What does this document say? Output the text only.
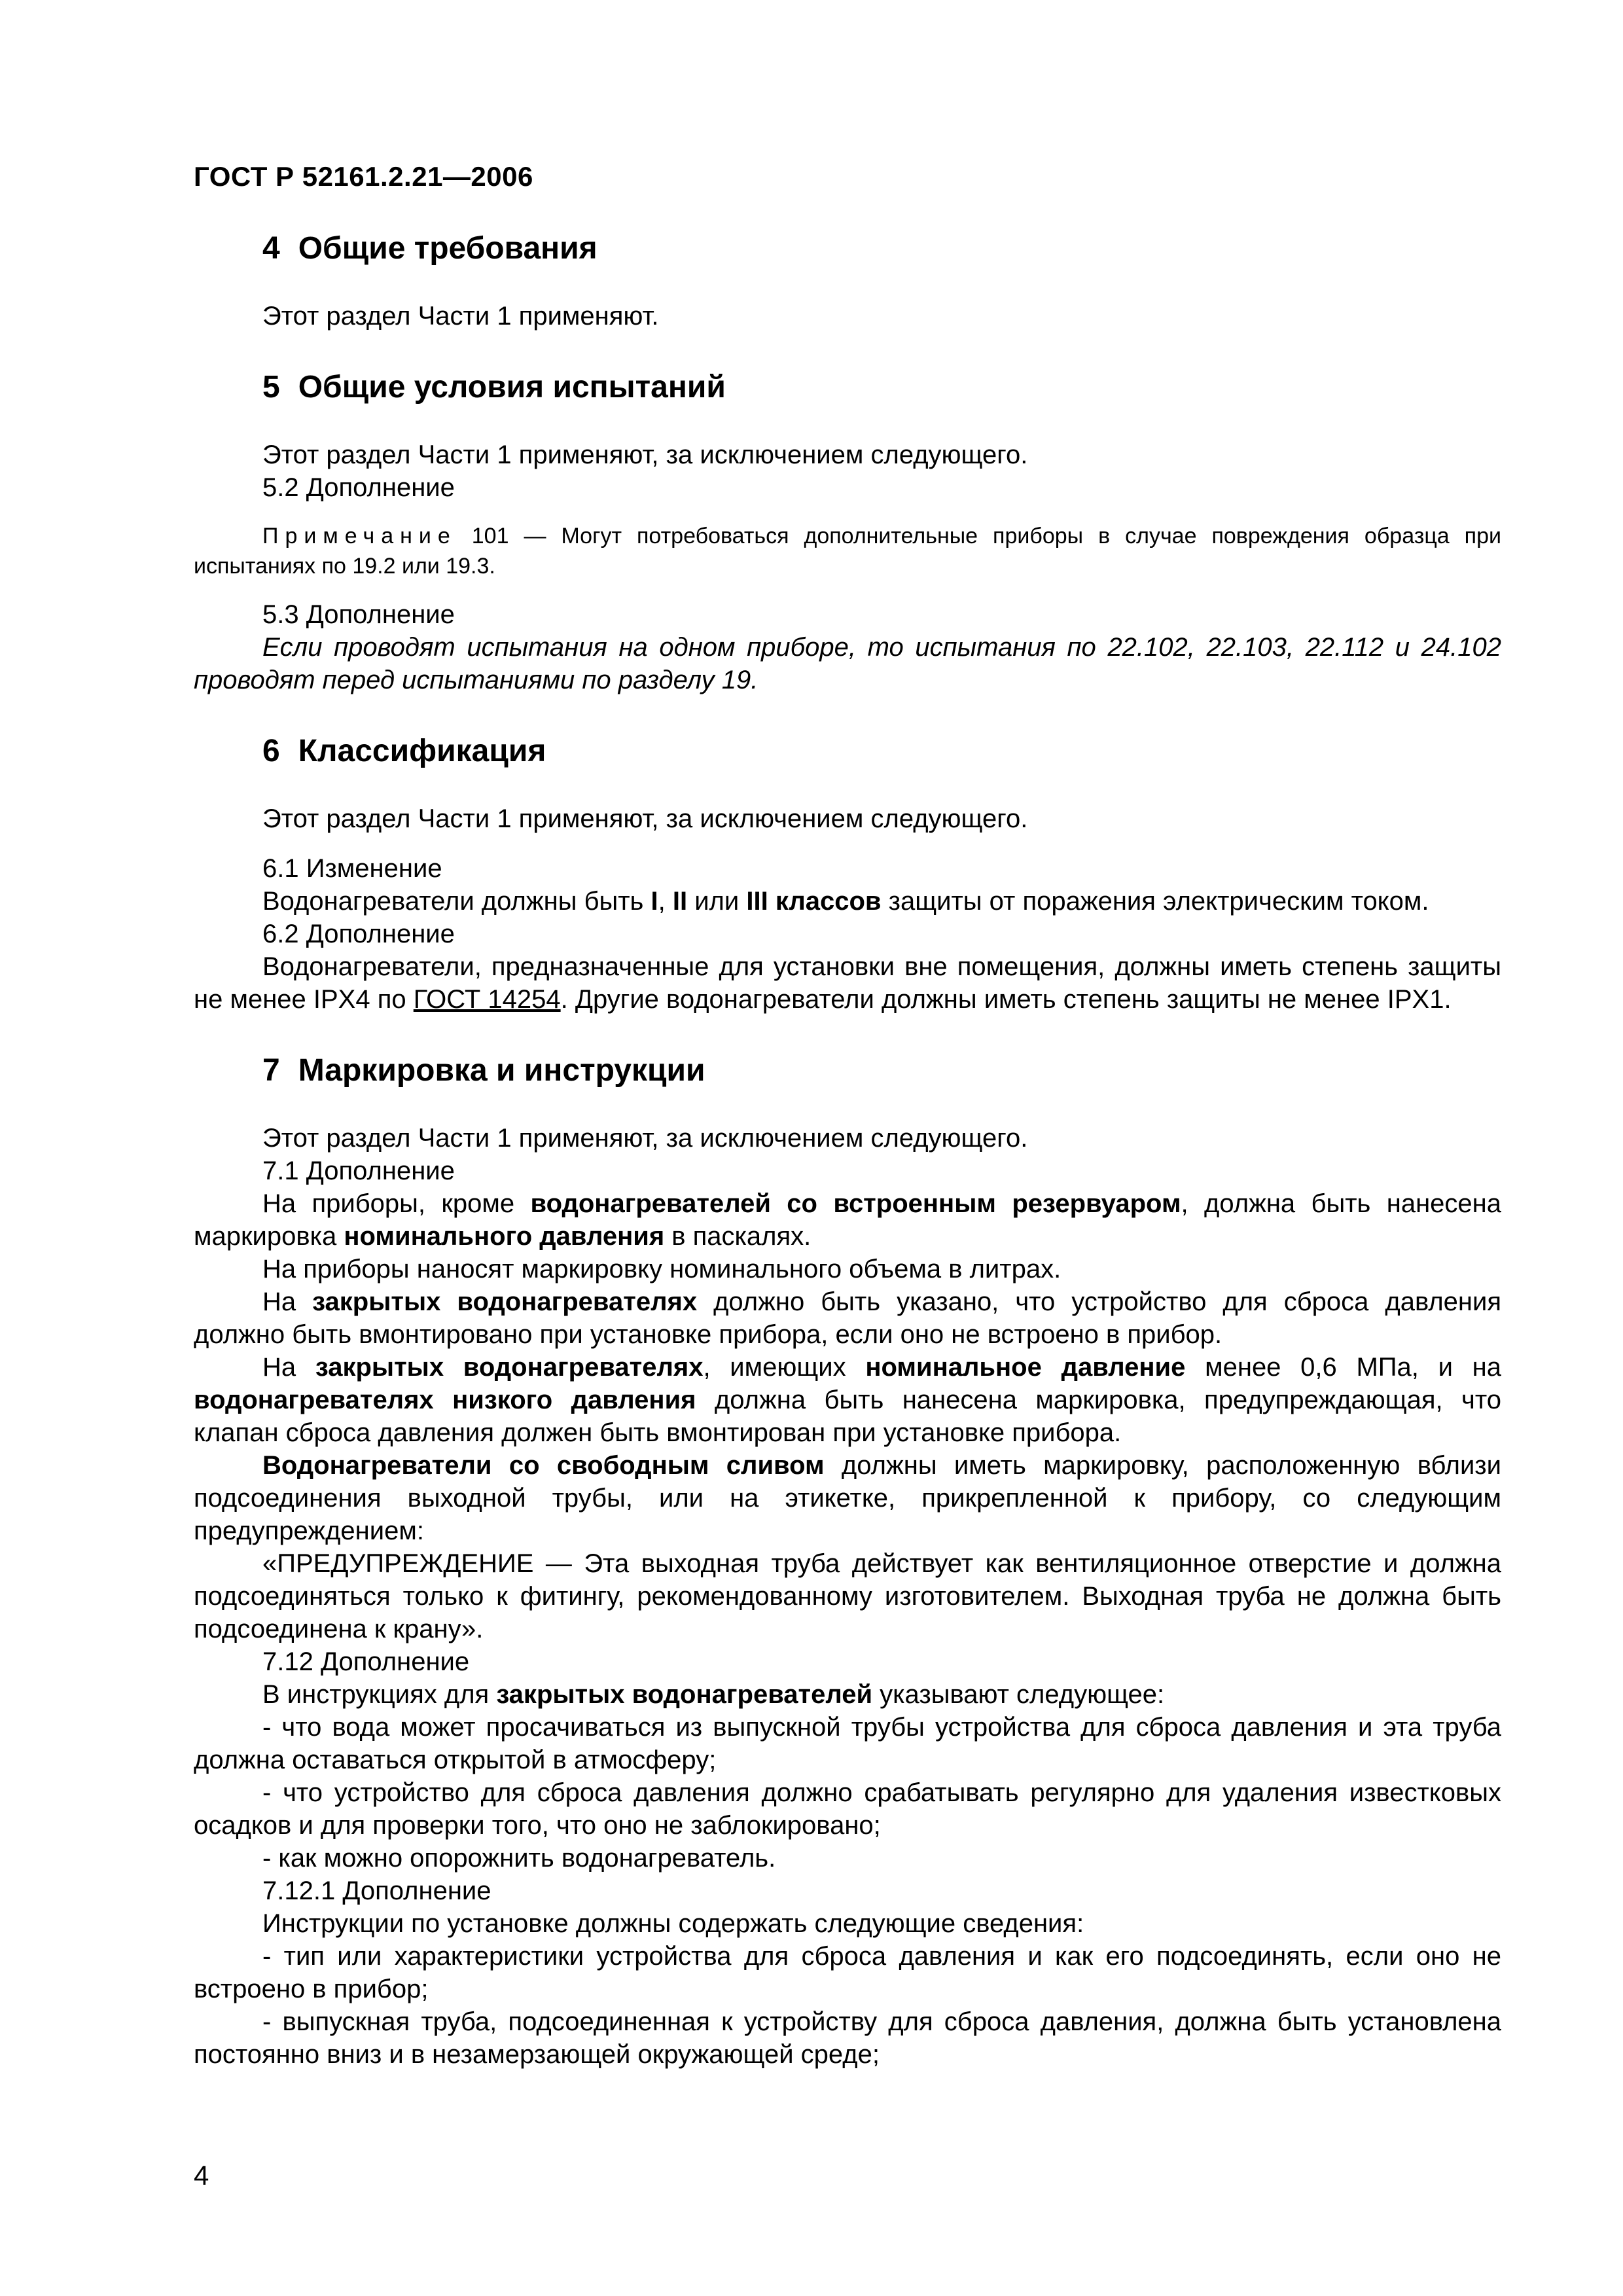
ГОСТ Р 52161.2.21—2006
4 Общие требования

Этот раздел Части 1 применяют.

5 Общие условия испытаний

Этот раздел Части 1 применяют, за исключением следующего.

5.2 Дополнение

Примечание 101 — Могут потребоваться дополнительные приборы в случае повреждения образца при испытаниях по 19.2 или 19.3.

5.3 Дополнение

Если проводят испытания на одном приборе, то испытания по 22.102, 22.103, 22.112 и 24.102 проводят перед испытаниями по разделу 19.

6 Классификация

Этот раздел Части 1 применяют, за исключением следующего.

6.1 Изменение

Водонагреватели должны быть I, II или III классов защиты от поражения электрическим током.

6.2 Дополнение

Водонагреватели, предназначенные для установки вне помещения, должны иметь степень защиты не менее IPX4 по ГОСТ 14254. Другие водонагреватели должны иметь степень защиты не менее IPX1.

7 Маркировка и инструкции

Этот раздел Части 1 применяют, за исключением следующего.

7.1 Дополнение

На приборы, кроме водонагревателей со встроенным резервуаром, должна быть нанесена маркировка номинального давления в паскалях.

На приборы наносят маркировку номинального объема в литрах.

На закрытых водонагревателях должно быть указано, что устройство для сброса давления должно быть вмонтировано при установке прибора, если оно не встроено в прибор.

На закрытых водонагревателях, имеющих номинальное давление менее 0,6 МПа, и на водонагревателях низкого давления должна быть нанесена маркировка, предупреждающая, что клапан сброса давления должен быть вмонтирован при установке прибора.

Водонагреватели со свободным сливом должны иметь маркировку, расположенную вблизи подсоединения выходной трубы, или на этикетке, прикрепленной к прибору, со следующим предупреждением:

«ПРЕДУПРЕЖДЕНИЕ — Эта выходная труба действует как вентиляционное отверстие и должна подсоединяться только к фитингу, рекомендованному изготовителем. Выходная труба не должна быть подсоединена к крану».

7.12 Дополнение

В инструкциях для закрытых водонагревателей указывают следующее:

- что вода может просачиваться из выпускной трубы устройства для сброса давления и эта труба должна оставаться открытой в атмосферу;

- что устройство для сброса давления должно срабатывать регулярно для удаления известковых осадков и для проверки того, что оно не заблокировано;

- как можно опорожнить водонагреватель.

7.12.1 Дополнение

Инструкции по установке должны содержать следующие сведения:

- тип или характеристики устройства для сброса давления и как его подсоединять, если оно не встроено в прибор;

- выпускная труба, подсоединенная к устройству для сброса давления, должна быть установлена постоянно вниз и в незамерзающей окружающей среде;

4
